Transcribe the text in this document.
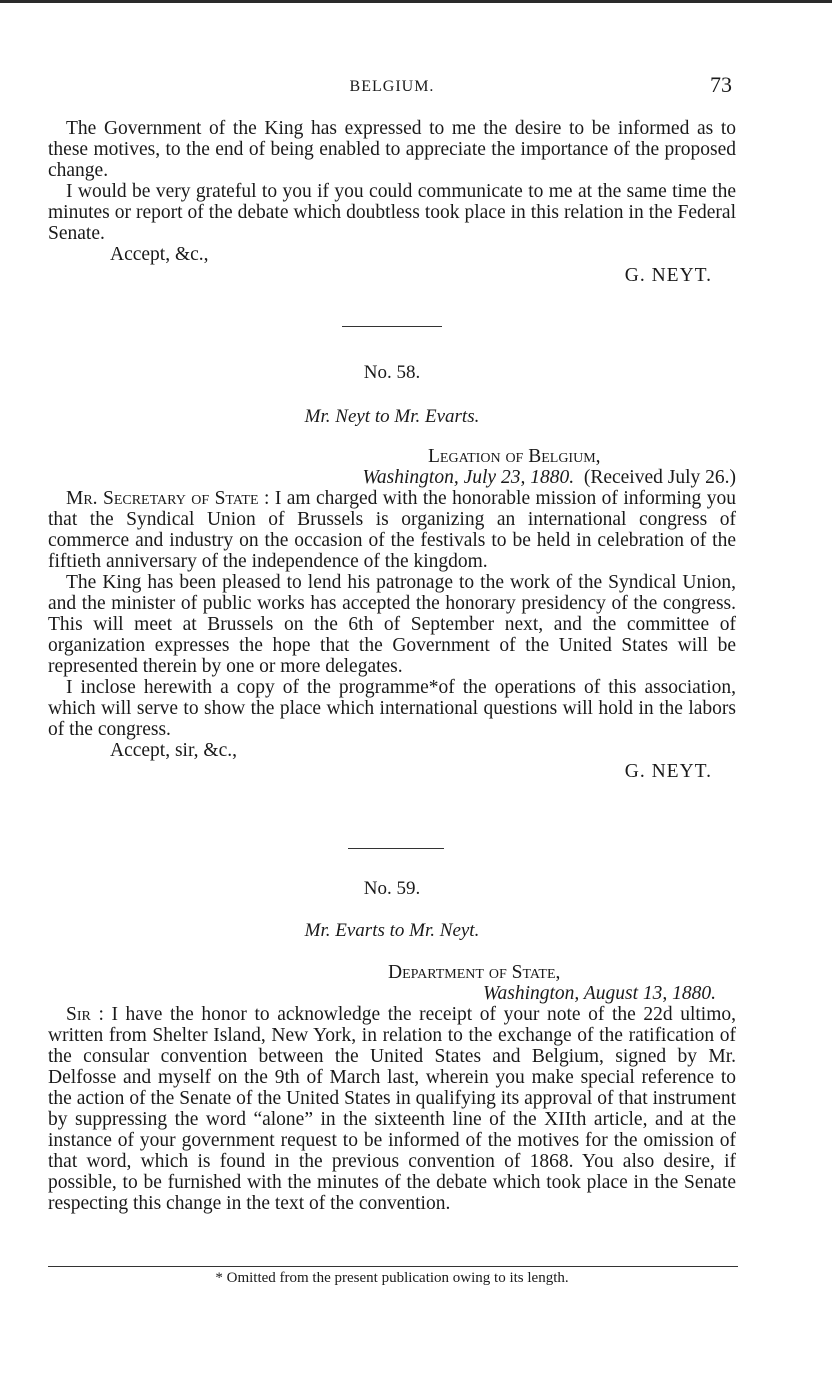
BELGIUM.	73

The Government of the King has expressed to me the desire to be informed as to these motives, to the end of being enabled to appreciate the importance of the proposed change.

I would be very grateful to you if you could communicate to me at the same time the minutes or report of the debate which doubtless took place in this relation in the Federal Senate.

Accept, &c.,
G. NEYT.
No. 58.
Mr. Neyt to Mr. Evarts.
Legation of Belgium,
Washington, July 23, 1880. (Received July 26.)

Mr. Secretary of State : I am charged with the honorable mission of informing you that the Syndical Union of Brussels is organizing an international congress of commerce and industry on the occasion of the festivals to be held in celebration of the fiftieth anniversary of the independence of the kingdom.

The King has been pleased to lend his patronage to the work of the Syndical Union, and the minister of public works has accepted the honorary presidency of the congress. This will meet at Brussels on the 6th of September next, and the committee of organization expresses the hope that the Government of the United States will be represented therein by one or more delegates.

I inclose herewith a copy of the programme*of the operations of this association, which will serve to show the place which international questions will hold in the labors of the congress.

Accept, sir, &c.,
G. NEYT.
No. 59.
Mr. Evarts to Mr. Neyt.
Department of State,
Washington, August 13, 1880.

Sir : I have the honor to acknowledge the receipt of your note of the 22d ultimo, written from Shelter Island, New York, in relation to the exchange of the ratification of the consular convention between the United States and Belgium, signed by Mr. Delfosse and myself on the 9th of March last, wherein you make special reference to the action of the Senate of the United States in qualifying its approval of that instrument by suppressing the word “alone” in the sixteenth line of the XIIth article, and at the instance of your government request to be informed of the motives for the omission of that word, which is found in the previous convention of 1868. You also desire, if possible, to be furnished with the minutes of the debate which took place in the Senate respecting this change in the text of the convention.

* Omitted from the present publication owing to its length.
